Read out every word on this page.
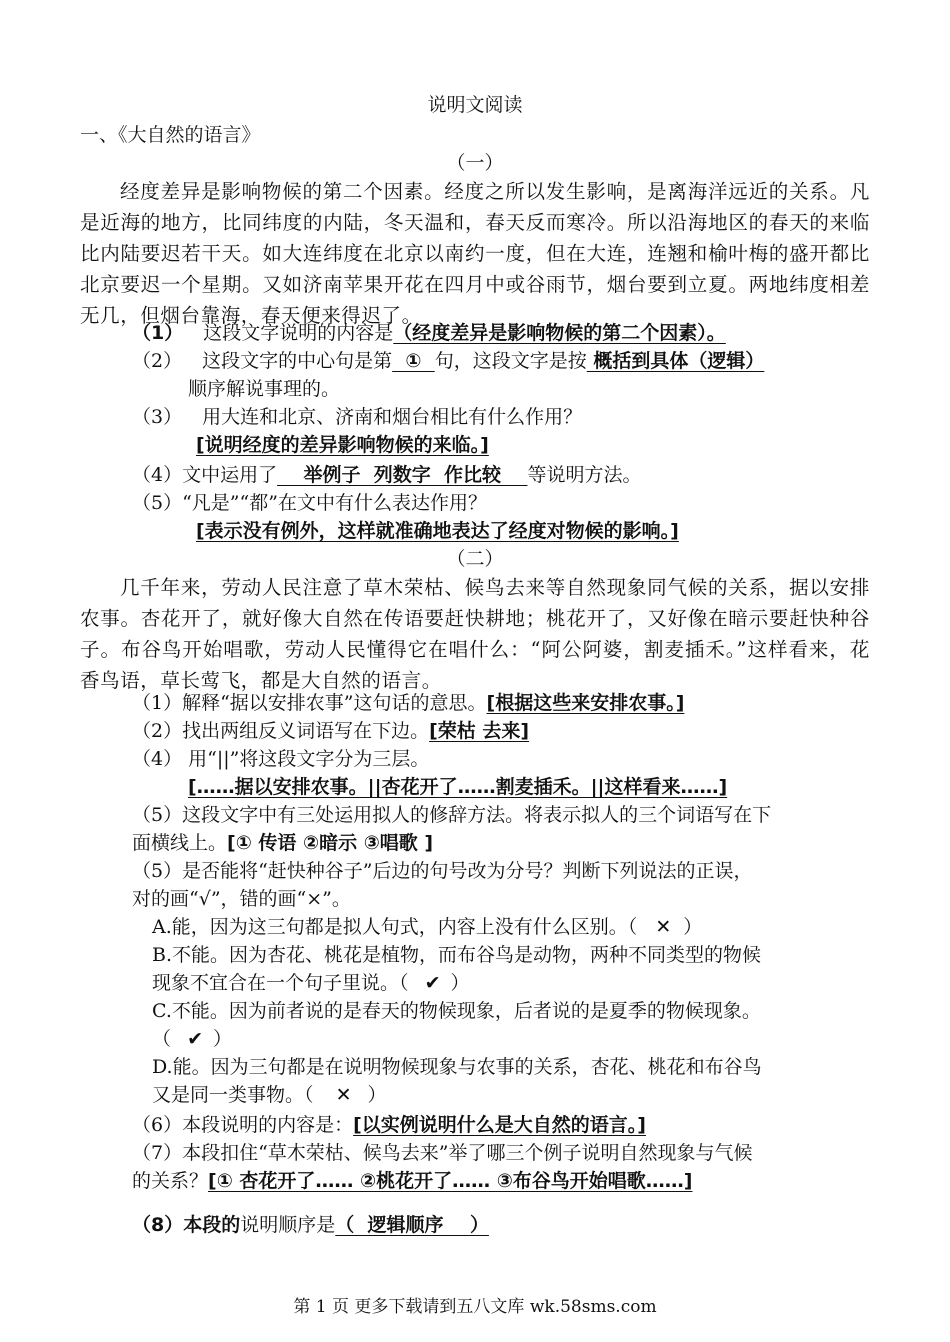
说明文阅读
一、《大自然的语言》
（一）
经度差异是影响物候的第二个因素。经度之所以发生影响，是离海洋远近的关系。凡是近海的地方，比同纬度的内陆，冬天温和，春天反而寒冷。所以沿海地区的春天的来临比内陆要迟若干天。如大连纬度在北京以南约一度，但在大连，连翘和榆叶梅的盛开都比北京要迟一个星期。又如济南苹果开花在四月中或谷雨节，烟台要到立夏。两地纬度相差无几，但烟台靠海，春天便来得迟了。
（1） 这段文字说明的内容是（经度差异是影响物候的第二个因素）。
（2） 这段文字的中心句是第  ①  句，这段文字是按 概括到具体（逻辑）
顺序解说事理的。
（3） 用大连和北京、济南和烟台相比有什么作用？
[说明经度的差异影响物候的来临。]
（4）文中运用了    举例子  列数字  作比较    等说明方法。
（5）“凡是”“都”在文中有什么表达作用？
[表示没有例外，这样就准确地表达了经度对物候的影响。]
（二）
几千年来，劳动人民注意了草木荣枯、候鸟去来等自然现象同气候的关系，据以安排农事。杏花开了，就好像大自然在传语要赶快耕地；桃花开了，又好像在暗示要赶快种谷子。布谷鸟开始唱歌，劳动人民懂得它在唱什么：“阿公阿婆，割麦插禾。”这样看来，花香鸟语，草长莺飞，都是大自然的语言。
（1）解释“据以安排农事”这句话的意思。[根据这些来安排农事。]
（2）找出两组反义词语写在下边。[荣枯 去来]
（4） 用“||”将这段文字分为三层。
[……据以安排农事。||杏花开了……割麦插禾。||这样看来……]
（5）这段文字中有三处运用拟人的修辞方法。将表示拟人的三个词语写在下
面横线上。[① 传语 ②暗示 ③唱歌 ]
（5）是否能将“赶快种谷子”后边的句号改为分号？判断下列说法的正误，
对的画“√”，错的画“×”。
A.能，因为这三句都是拟人句式，内容上没有什么区别。（ ✕ ）
B.不能。因为杏花、桃花是植物，而布谷鸟是动物，两种不同类型的物候
现象不宜合在一个句子里说。（ ✔ ）
C.不能。因为前者说的是春天的物候现象，后者说的是夏季的物候现象。
（ ✔ ）
D.能。因为三句都是在说明物候现象与农事的关系，杏花、桃花和布谷鸟
又是同一类事物。（ ✕ ）
（6）本段说明的内容是：[以实例说明什么是大自然的语言。]
（7）本段扣住“草木荣枯、候鸟去来”举了哪三个例子说明自然现象与气候
的关系？[① 杏花开了…… ②桃花开了…… ③布谷鸟开始唱歌……]
（8）本段的说明顺序是（  逻辑顺序    ）
第 1 页 更多下载请到五八文库 wk.58sms.com
